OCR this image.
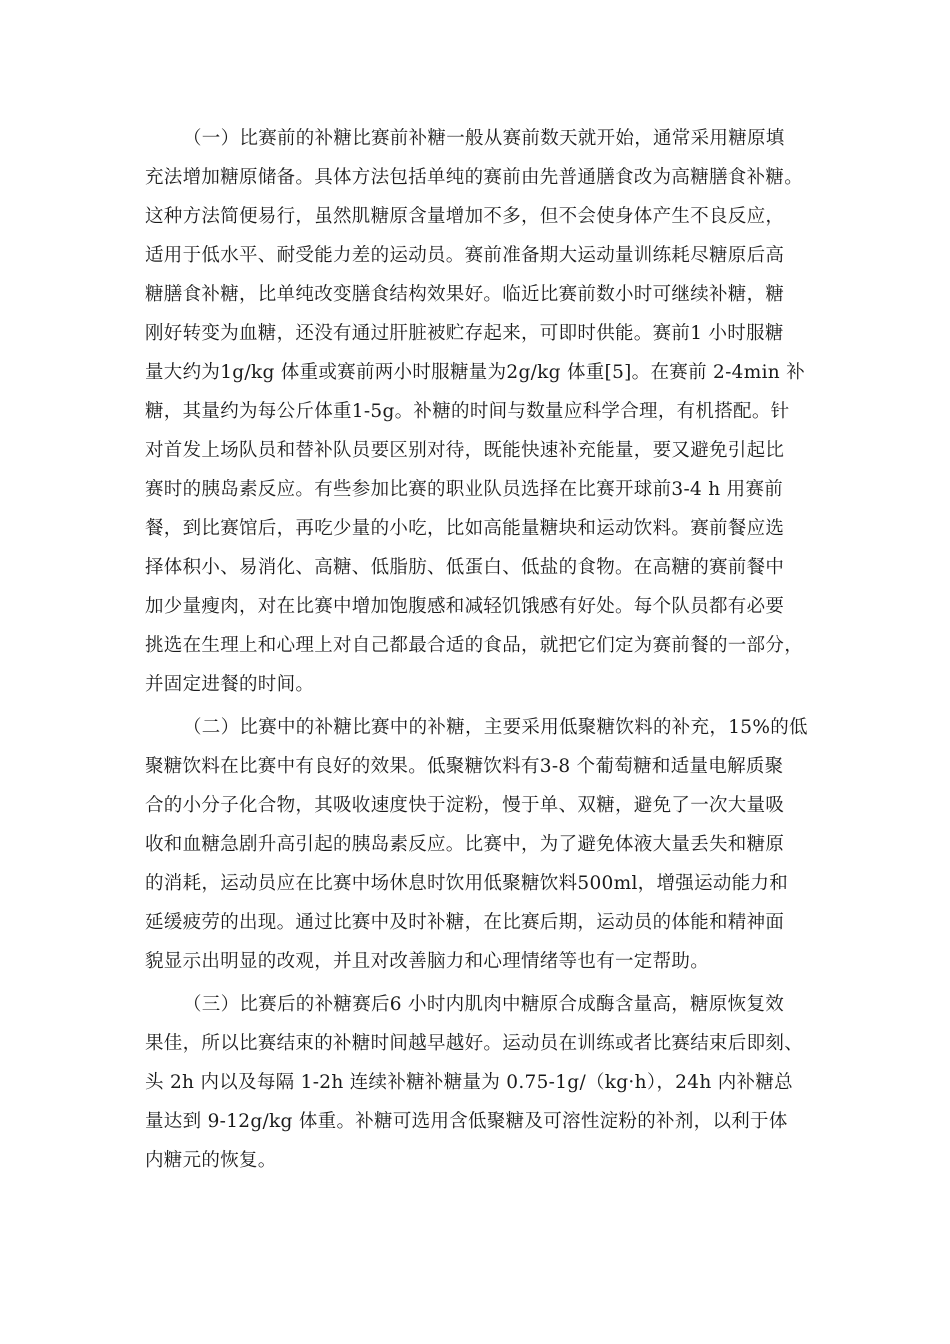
（一）比赛前的补糖比赛前补糖一般从赛前数天就开始，通常采用糖原填
充法增加糖原储备。具体方法包括单纯的赛前由先普通膳食改为高糖膳食补糖。
这种方法简便易行，虽然肌糖原含量增加不多，但不会使身体产生不良反应，
适用于低水平、耐受能力差的运动员。赛前准备期大运动量训练耗尽糖原后高
糖膳食补糖，比单纯改变膳食结构效果好。临近比赛前数小时可继续补糖，糖
刚好转变为血糖，还没有通过肝脏被贮存起来，可即时供能。赛前1 小时服糖
量大约为1g/kg 体重或赛前两小时服糖量为2g/kg 体重[5]。在赛前 2-4min 补
糖，其量约为每公斤体重1-5g。补糖的时间与数量应科学合理，有机搭配。针
对首发上场队员和替补队员要区别对待，既能快速补充能量，要又避免引起比
赛时的胰岛素反应。有些参加比赛的职业队员选择在比赛开球前3-4 h 用赛前
餐，到比赛馆后，再吃少量的小吃，比如高能量糖块和运动饮料。赛前餐应选
择体积小、易消化、高糖、低脂肪、低蛋白、低盐的食物。在高糖的赛前餐中
加少量瘦肉，对在比赛中增加饱腹感和减轻饥饿感有好处。每个队员都有必要
挑选在生理上和心理上对自己都最合适的食品，就把它们定为赛前餐的一部分，
并固定进餐的时间。
（二）比赛中的补糖比赛中的补糖，主要采用低聚糖饮料的补充，15%的低
聚糖饮料在比赛中有良好的效果。低聚糖饮料有3-8 个葡萄糖和适量电解质聚
合的小分子化合物，其吸收速度快于淀粉，慢于单、双糖，避免了一次大量吸
收和血糖急剧升高引起的胰岛素反应。比赛中，为了避免体液大量丢失和糖原
的消耗，运动员应在比赛中场休息时饮用低聚糖饮料500ml，增强运动能力和
延缓疲劳的出现。通过比赛中及时补糖，在比赛后期，运动员的体能和精神面
貌显示出明显的改观，并且对改善脑力和心理情绪等也有一定帮助。
（三）比赛后的补糖赛后6 小时内肌肉中糖原合成酶含量高，糖原恢复效
果佳，所以比赛结束的补糖时间越早越好。运动员在训练或者比赛结束后即刻、
头 2h 内以及每隔 1-2h 连续补糖补糖量为 0.75-1g/（kg·h），24h 内补糖总
量达到 9-12g/kg 体重。补糖可选用含低聚糖及可溶性淀粉的补剂，以利于体
内糖元的恢复。
